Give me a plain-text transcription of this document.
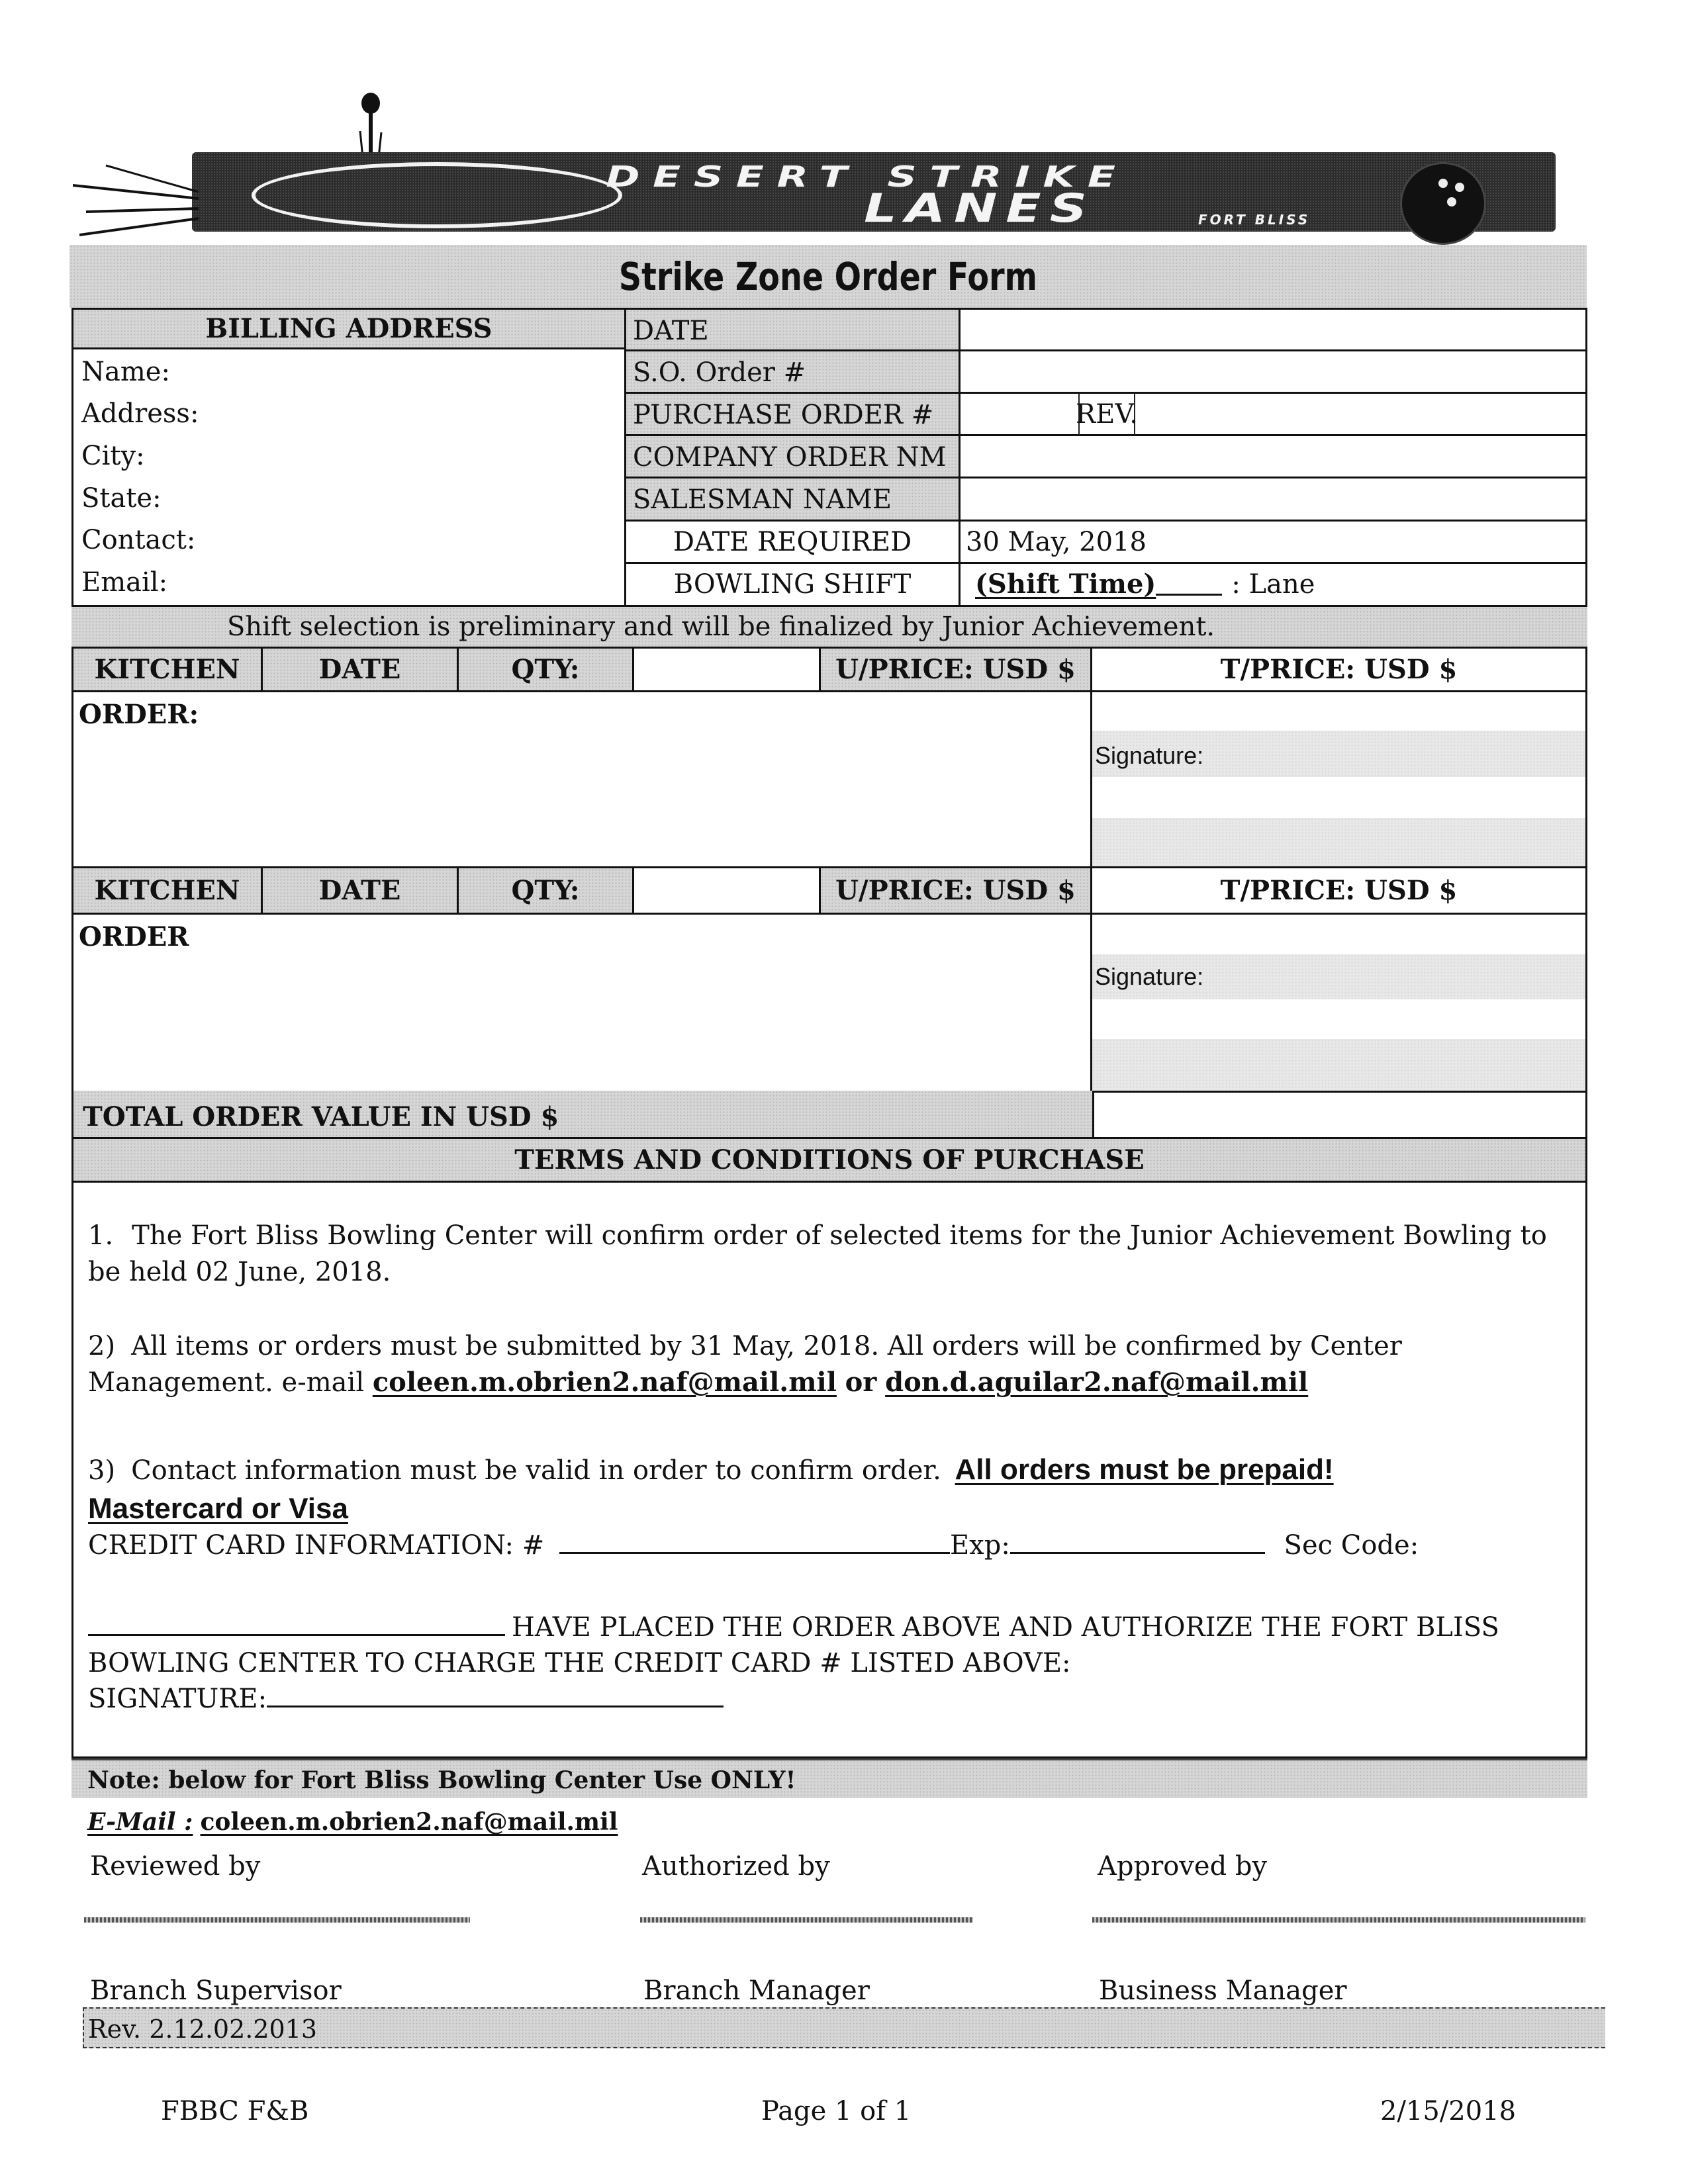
DESERT STRIKE
LANES	FORT BLISS
Strike Zone Order Form
BILLING ADDRESS
Name:
Address:
City:
State:
Contact:
Email:
DATE
S.O. Order #
PURCHASE ORDER #	REV.
COMPANY ORDER NM
SALESMAN NAME
DATE REQUIRED 30 May, 2018
BOWLING SHIFT (Shift Time)	: Lane
Shift selection is preliminary and will be finalized by Junior Achievement.
KITCHEN	DATE	QTY:	U/PRICE: USD $	T/PRICE: USD $
ORDER:
Signature:
KITCHEN	DATE	QTY:	U/PRICE: USD $	T/PRICE: USD $
ORDER
Signature:
TOTAL ORDER VALUE IN USD $
TERMS AND CONDITIONS OF PURCHASE
1. The Fort Bliss Bowling Center will confirm order of selected items for the Junior Achievement Bowling to
be held 02 June, 2018.
2) All items or orders must be submitted by 31 May, 2018. All orders will be confirmed by Center
Management. e-mail coleen.m.obrien2.naf@mail.mil or don.d.aguilar2.naf@mail.mil
3) Contact information must be valid in order to confirm order. All orders must be prepaid!
Mastercard or Visa
CREDIT CARD INFORMATION: #	Exp:	Sec Code:
HAVE PLACED THE ORDER ABOVE AND AUTHORIZE THE FORT BLISS
BOWLING CENTER TO CHARGE THE CREDIT CARD # LISTED ABOVE:
SIGNATURE:
Note: below for Fort Bliss Bowling Center Use ONLY!
E-Mail : coleen.m.obrien2.naf@mail.mil
Reviewed by	Authorized by	Approved by
Branch Supervisor	Branch Manager	Business Manager
Rev. 2.12.02.2013
FBBC F&B	Page 1 of 1	2/15/2018
